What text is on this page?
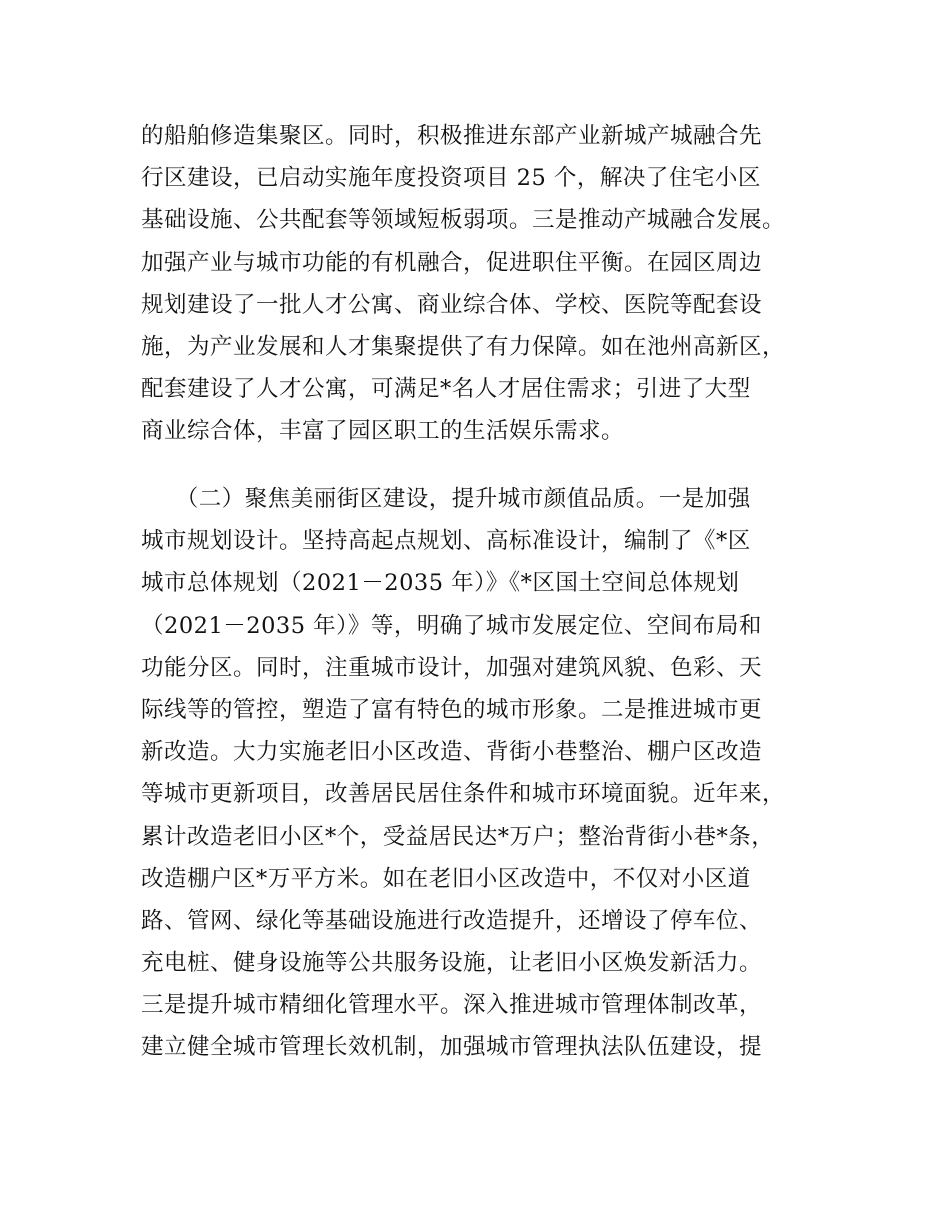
的船舶修造集聚区。同时，积极推进东部产业新城产城融合先
行区建设，已启动实施年度投资项目 25 个，解决了住宅小区
基础设施、公共配套等领域短板弱项。三是推动产城融合发展。
加强产业与城市功能的有机融合，促进职住平衡。在园区周边
规划建设了一批人才公寓、商业综合体、学校、医院等配套设
施，为产业发展和人才集聚提供了有力保障。如在池州高新区，
配套建设了人才公寓，可满足*名人才居住需求；引进了大型
商业综合体，丰富了园区职工的生活娱乐需求。
　　（二）聚焦美丽街区建设，提升城市颜值品质。一是加强
城市规划设计。坚持高起点规划、高标准设计，编制了《*区
城市总体规划（2021－2035 年）》《*区国土空间总体规划
（2021－2035 年）》等，明确了城市发展定位、空间布局和
功能分区。同时，注重城市设计，加强对建筑风貌、色彩、天
际线等的管控，塑造了富有特色的城市形象。二是推进城市更
新改造。大力实施老旧小区改造、背街小巷整治、棚户区改造
等城市更新项目，改善居民居住条件和城市环境面貌。近年来，
累计改造老旧小区*个，受益居民达*万户；整治背街小巷*条，
改造棚户区*万平方米。如在老旧小区改造中，不仅对小区道
路、管网、绿化等基础设施进行改造提升，还增设了停车位、
充电桩、健身设施等公共服务设施，让老旧小区焕发新活力。
三是提升城市精细化管理水平。深入推进城市管理体制改革，
建立健全城市管理长效机制，加强城市管理执法队伍建设，提
